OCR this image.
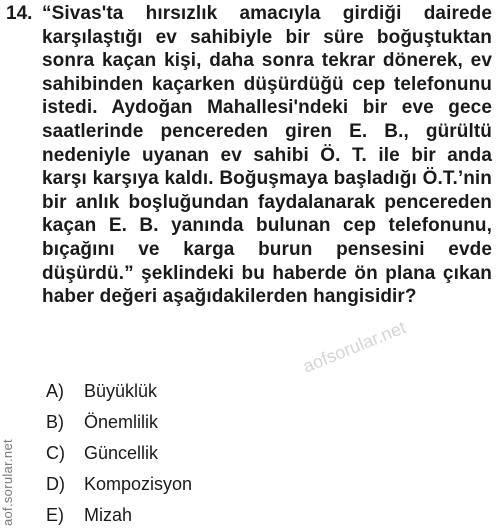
14. “Sivas'ta hırsızlık amacıyla girdiği dairede karşılaştığı ev sahibiyle bir süre boğuştuktan sonra kaçan kişi, daha sonra tekrar dönerek, ev sahibinden kaçarken düşürdüğü cep telefonunu istedi. Aydoğan Mahallesi'ndeki bir eve gece saatlerinde pencereden giren E. B., gürültü nedeniyle uyanan ev sahibi Ö. T. ile bir anda karşı karşıya kaldı. Boğuşmaya başladığı Ö.T.’nin bir anlık boşluğundan faydalanarak pencereden kaçan E. B. yanında bulunan cep telefonunu, bıçağını ve karga burun pensesini evde düşürdü.” şeklindeki bu haberde ön plana çıkan haber değeri aşağıdakilerden hangisidir?
A) Büyüklük
B) Önemlilik
C) Güncellik
D) Kompozisyon
E) Mizah
aof.sorular.net
aofsorular.net
